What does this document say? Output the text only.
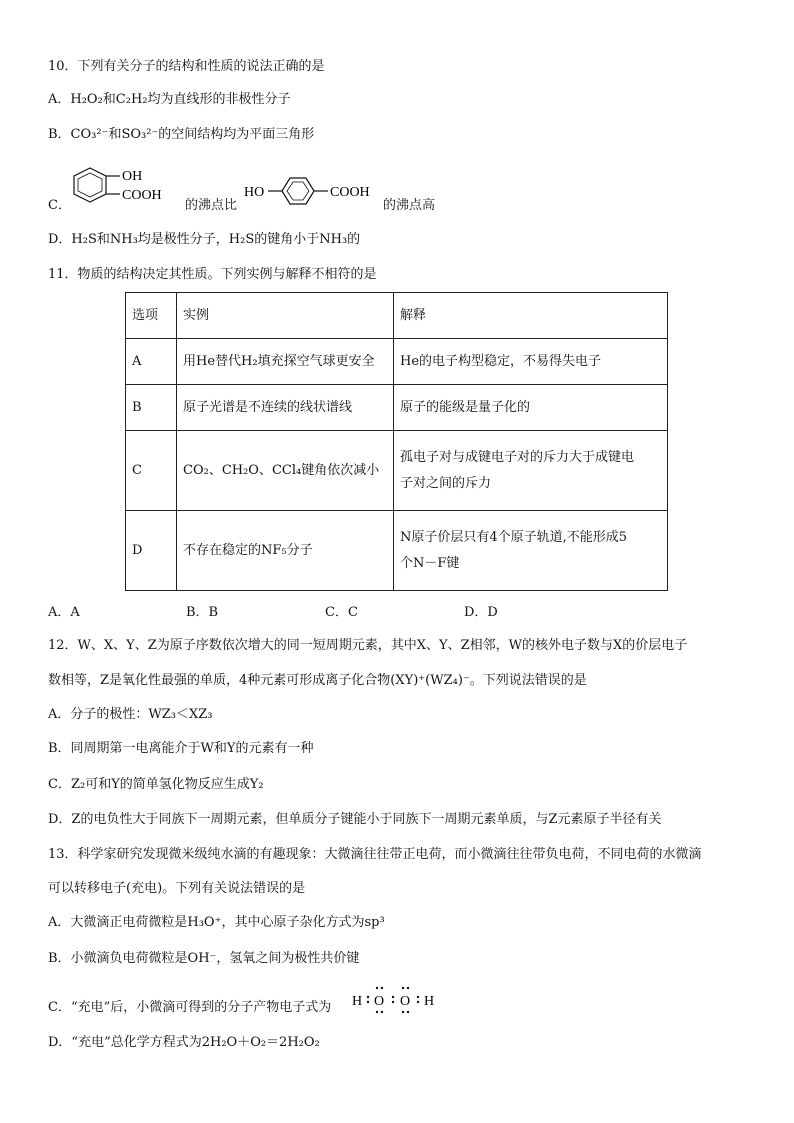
10．下列有关分子的结构和性质的说法正确的是
A．H₂O₂和C₂H₂均为直线形的非极性分子
B．CO₃²⁻和SO₃²⁻的空间结构均为平面三角形
C．
OH
COOH
的沸点比
HO	COOH
的沸点高
D．H₂S和NH₃均是极性分子，H₂S的键角小于NH₃的
11．物质的结构决定其性质。下列实例与解释不相符的是
选项	实例	解释
A	用He替代H₂填充探空气球更安全	He的电子构型稳定，不易得失电子
B	原子光谱是不连续的线状谱线	原子的能级是量子化的
C	CO₂、CH₂O、CCl₄键角依次减小	孤电子对与成键电子对的斥力大于成键电
子对之间的斥力

D	不存在稳定的NF₅分子	N原子价层只有4个原子轨道,不能形成5
个N－F键
A．A	B．B	C．C	D．D
12．W、X、Y、Z为原子序数依次增大的同一短周期元素，其中X、Y、Z相邻，W的核外电子数与X的价层电子
数相等，Z是氧化性最强的单质，4种元素可形成离子化合物(XY)⁺(WZ₄)⁻。下列说法错误的是
A．分子的极性：WZ₃＜XZ₃
B．同周期第一电离能介于W和Y的元素有一种
C．Z₂可和Y的简单氢化物反应生成Y₂
D．Z的电负性大于同族下一周期元素，但单质分子键能小于同族下一周期元素单质，与Z元素原子半径有关
13．科学家研究发现微米级纯水滴的有趣现象：大微滴往往带正电荷，而小微滴往往带负电荷，不同电荷的水微滴
可以转移电子(充电)。下列有关说法错误的是
A．大微滴正电荷微粒是H₃O⁺，其中心原子杂化方式为sp³
B．小微滴负电荷微粒是OH⁻，氢氧之间为极性共价键
C．“充电”后，小微滴可得到的分子产物电子式为 H O O H
D．“充电”总化学方程式为2H₂O＋O₂＝2H₂O₂
